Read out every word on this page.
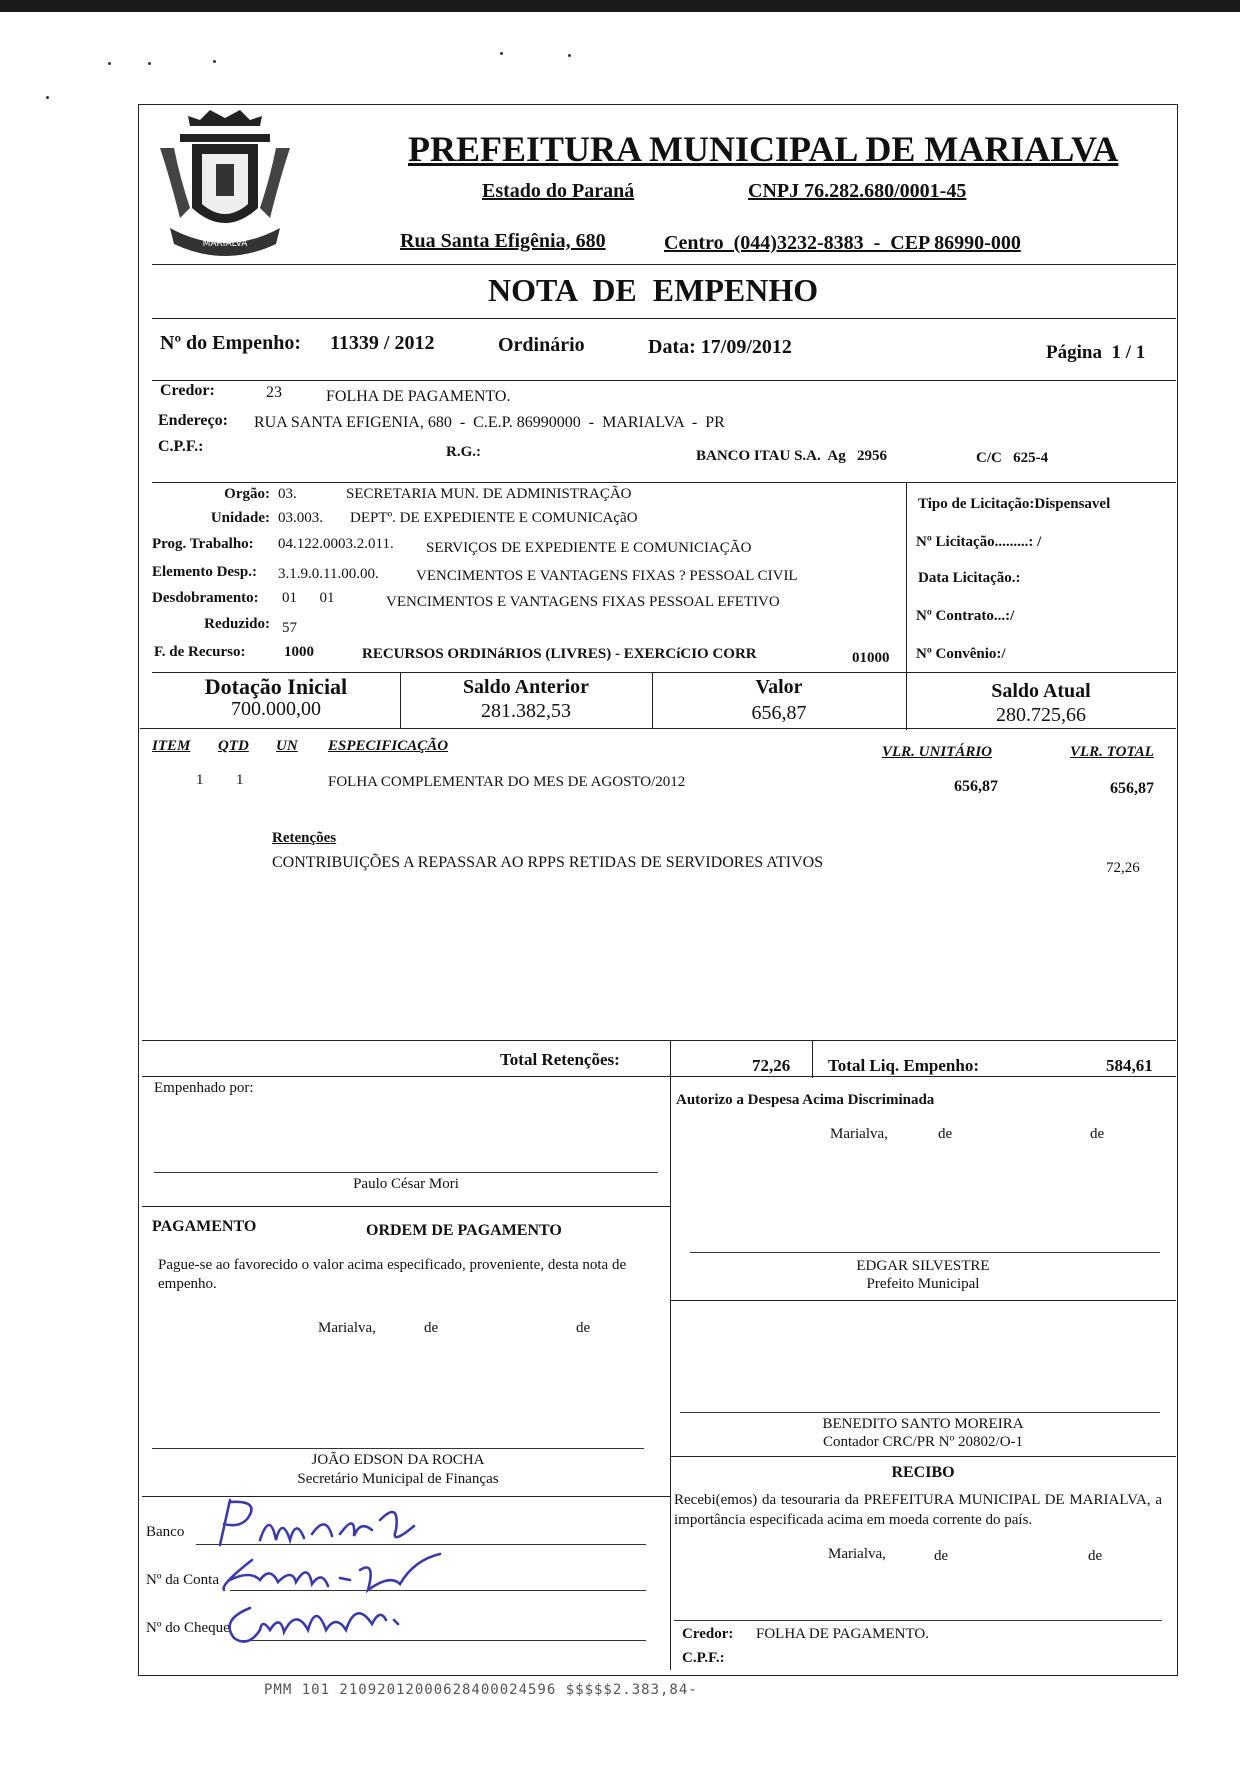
MARIALVA
PREFEITURA MUNICIPAL DE MARIALVA
Estado do Paraná	CNPJ 76.282.680/0001-45
Rua Santa Efigênia, 680	Centro  (044)3232-8383  -  CEP 86990-000
NOTA  DE  EMPENHO
Nº do Empenho: 11339 / 2012	Ordinário	Data: 17/09/2012	Página  1 / 1
Credor:	23	FOLHA DE PAGAMENTO.
Endereço: RUA SANTA EFIGENIA, 680  -  C.E.P. 86990000  -  MARIALVA  -  PR
C.P.F.:	R.G.:	BANCO ITAU S.A.  Ag   2956	C/C   625-4
Orgão: 03.	SECRETARIA MUN. DE ADMINISTRAÇÃO
Unidade: 03.003. DEPTº. DE EXPEDIENTE E COMUNICAçãO
Prog. Trabalho: 04.122.0003.2.011. SERVIÇOS DE EXPEDIENTE E COMUNICIAÇÃO
Elemento Desp.: 3.1.9.0.11.00.00. VENCIMENTOS E VANTAGENS FIXAS ? PESSOAL CIVIL
Desdobramento: 01      01	VENCIMENTOS E VANTAGENS FIXAS PESSOAL EFETIVO
Reduzido: 57
F. de Recurso:	1000	RECURSOS ORDINáRIOS (LIVRES) - EXERCíCIO CORR	01000
Tipo de Licitação:Dispensavel
Nº Licitação.........: /
Data Licitação.:
Nº Contrato...:/
Nº Convênio:/
Dotação Inicial
700.000,00
Saldo Anterior
281.382,53
Valor
656,87
Saldo Atual
280.725,66
ITEM QTD UN ESPECIFICAÇÃO	VLR. UNITÁRIO	VLR. TOTAL
1 1	FOLHA COMPLEMENTAR DO MES DE AGOSTO/2012	656,87	656,87
Retenções
CONTRIBUIÇÕES A REPASSAR AO RPPS RETIDAS DE SERVIDORES ATIVOS	72,26
Total Retenções:	72,26 Total Liq. Empenho:	584,61
Empenhado por:
Paulo César Mori
PAGAMENTO	ORDEM DE PAGAMENTO
Pague-se ao favorecido o valor acima especificado, proveniente, desta nota de empenho.
Marialva,	de	de
JOÃO EDSON DA ROCHA
Secretário Municipal de Finanças
Banco
Nº da Conta
Nº do Cheque
Autorizo a Despesa Acima Discriminada
Marialva,	de	de
EDGAR SILVESTRE
Prefeito Municipal
BENEDITO SANTO MOREIRA
Contador CRC/PR Nº 20802/O-1
RECIBO
Recebi(emos) da tesouraria da PREFEITURA MUNICIPAL DE MARIALVA, a importância especificada acima em moeda corrente do país.
Marialva,	de	de
Credor: FOLHA DE PAGAMENTO.
C.P.F.:
PMM 101 21092012000628400024596 $$$$$2.383,84-
